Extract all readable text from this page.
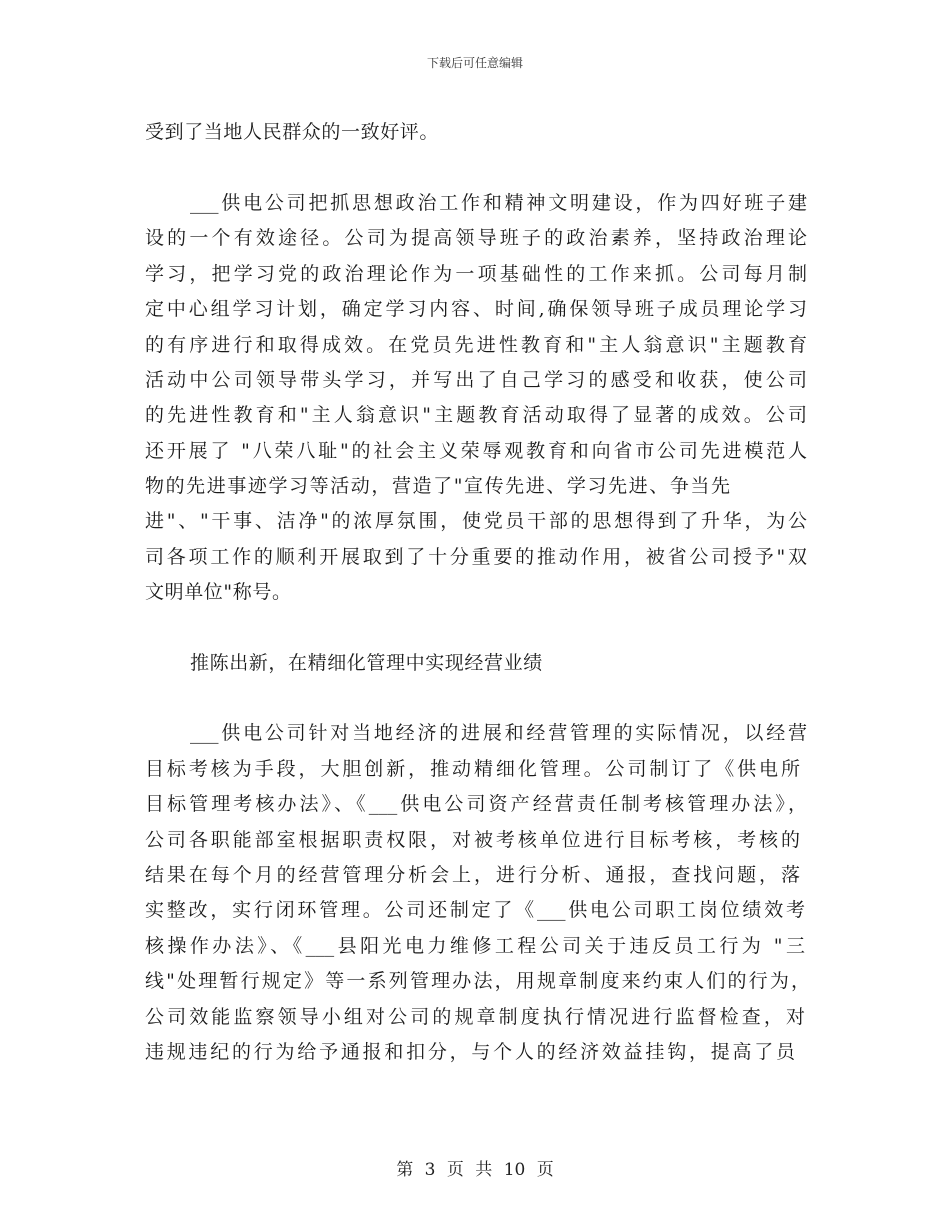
下载后可任意编辑
受到了当地人民群众的一致好评。
___供电公司把抓思想政治工作和精神文明建设，作为四好班子建
设的一个有效途径。公司为提高领导班子的政治素养，坚持政治理论
学习，把学习党的政治理论作为一项基础性的工作来抓。公司每月制
定中心组学习计划，确定学习内容、时间,确保领导班子成员理论学习
的有序进行和取得成效。在党员先进性教育和"主人翁意识"主题教育
活动中公司领导带头学习，并写出了自己学习的感受和收获，使公司
的先进性教育和"主人翁意识"主题教育活动取得了显著的成效。公司
还开展了 "八荣八耻"的社会主义荣辱观教育和向省市公司先进模范人
物的先进事迹学习等活动，营造了"宣传先进、学习先进、争当先
进"、"干事、洁净"的浓厚氛围，使党员干部的思想得到了升华，为公
司各项工作的顺利开展取到了十分重要的推动作用，被省公司授予"双
文明单位"称号。
推陈出新，在精细化管理中实现经营业绩
___供电公司针对当地经济的进展和经营管理的实际情况，以经营
目标考核为手段，大胆创新，推动精细化管理。公司制订了《供电所
目标管理考核办法》、《___供电公司资产经营责任制考核管理办法》，
公司各职能部室根据职责权限，对被考核单位进行目标考核，考核的
结果在每个月的经营管理分析会上，进行分析、通报，查找问题，落
实整改，实行闭环管理。公司还制定了《___供电公司职工岗位绩效考
核操作办法》、《___县阳光电力维修工程公司关于违反员工行为 "三
线"处理暂行规定》等一系列管理办法，用规章制度来约束人们的行为，
公司效能监察领导小组对公司的规章制度执行情况进行监督检查，对
违规违纪的行为给予通报和扣分，与个人的经济效益挂钩，提高了员
第 3 页 共 10 页
